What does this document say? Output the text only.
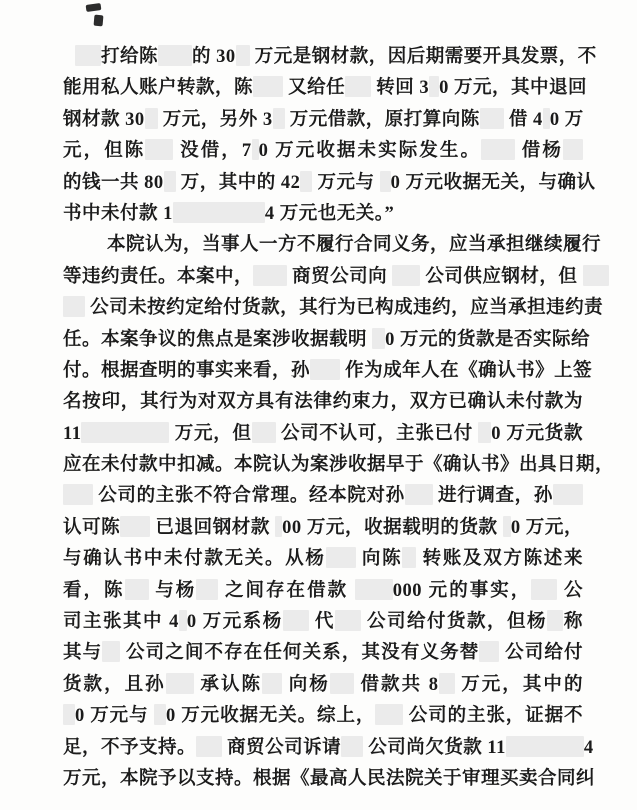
打给陈 的 30 万元是钢材款，因后期需要开具发票，不
能用私人账户转款，陈 又给任 转回 3 0 万元，其中退回
钢材款 30 万元，另外 3 万元借款，原打算向陈 借 4 0 万
元，但陈 没借，7 0 万元收据未实际发生。 借杨
的钱一共 80 万，其中的 42 万元与 0 万元收据无关，与确认
书中未付款 1	4 万元也无关。”
本院认为，当事人一方不履行合同义务，应当承担继续履行
等违约责任。本案中， 商贸公司向  公司供应钢材，但
公司未按约定给付货款，其行为已构成违约，应当承担违约责
任。本案争议的焦点是案涉收据载明 0 万元的货款是否实际给
付。根据查明的事实来看，孙 作为成年人在《确认书》上签
名按印，其行为对双方具有法律约束力，双方已确认未付款为
11	万元，但 公司不认可，主张已付 0 万元货款
应在未付款中扣减。本院认为案涉收据早于《确认书》出具日期，
公司的主张不符合常理。经本院对孙 进行调查，孙
认可陈 已退回钢材款 00 万元，收据载明的货款 0 万元，
与确认书中未付款无关。从杨 向陈 转账及双方陈述来
看，陈 与杨 之间存在借款 000 元的事实， 公
司主张其中 4 0 万元系杨 代 公司给付货款，但杨 称
其与 公司之间不存在任何关系，其没有义务替 公司给付
货款，且孙 承认陈 向杨 借款共 8 万元，其中的
0 万元与 0 万元收据无关。综上， 公司的主张，证据不
足，不予支持。 商贸公司诉请 公司尚欠货款 11	4
万元，本院予以支持。根据《最高人民法院关于审理买卖合同纠
